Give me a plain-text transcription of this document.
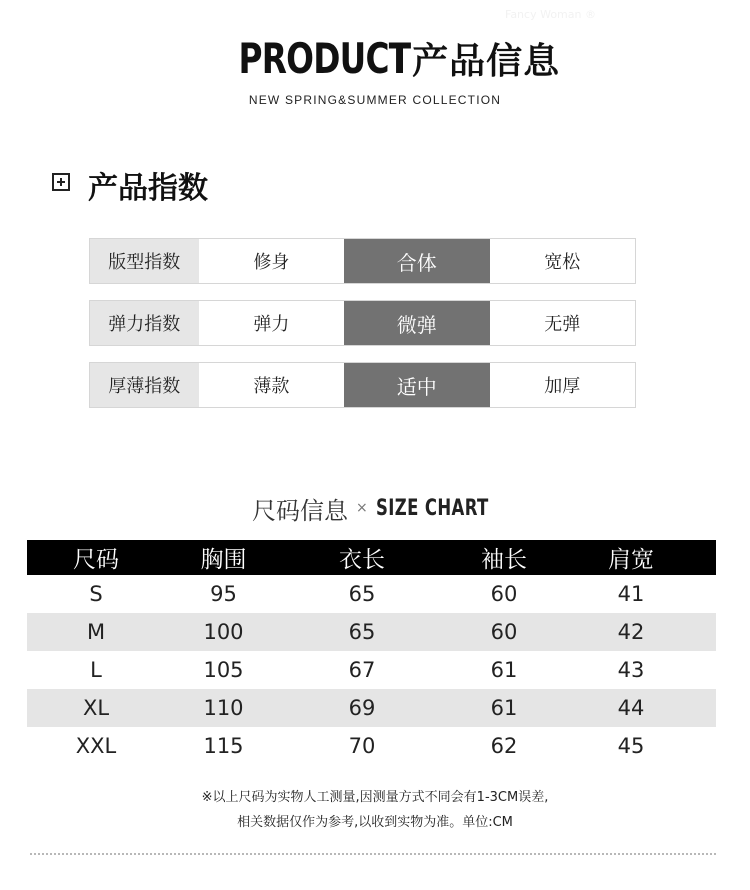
Fancy Woman ®
PRODUCT 产品信息
NEW SPRING&SUMMER COLLECTION
产品指数
版型指数	修身	合体	宽松
弹力指数	弹力	微弹	无弹
厚薄指数	薄款	适中	加厚
尺码信息 × SIZE CHART
尺码	胸围	衣长	袖长	肩宽
S	95	65	60	41
M	100	65	60	42
L	105	67	61	43
XL	110	69	61	44
XXL	115	70	62	45
※以上尺码为实物人工测量,因测量方式不同会有1-3CM误差,
相关数据仅作为参考,以收到实物为准。单位:CM
